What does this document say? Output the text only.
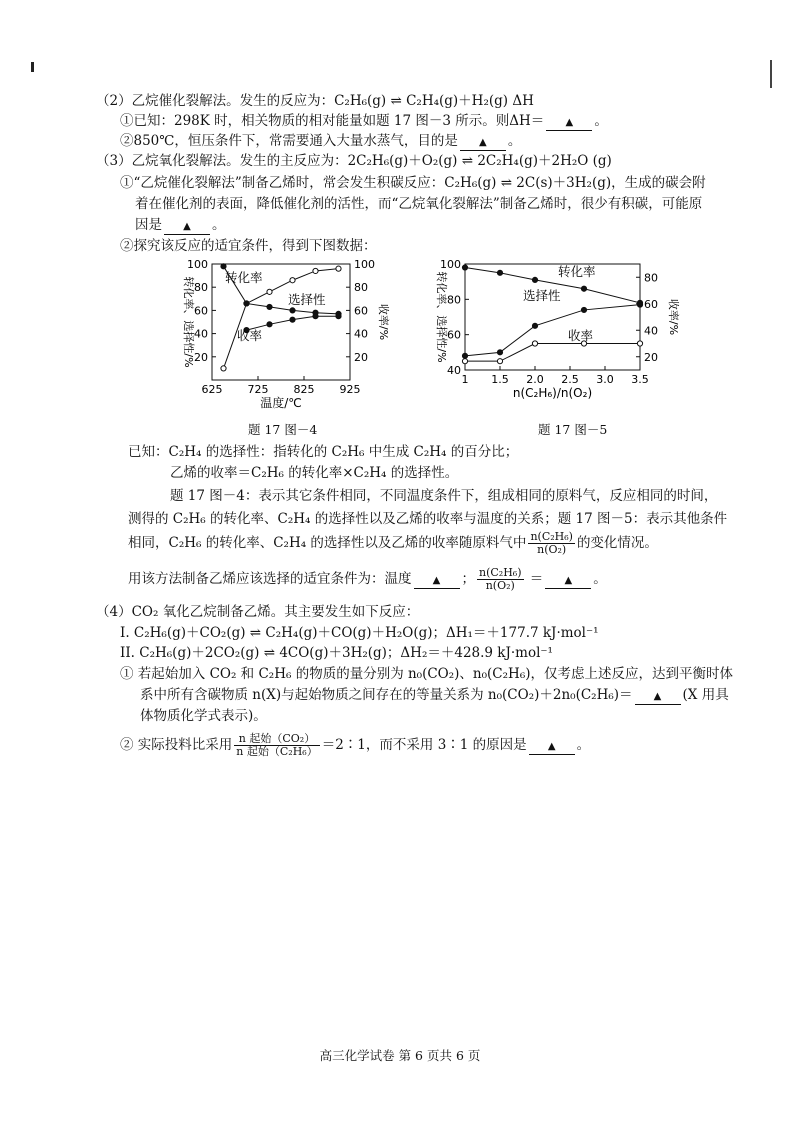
（2）乙烷催化裂解法。发生的反应为：C₂H₆(g) ⇌ C₂H₄(g)＋H₂(g) ΔH
①已知：298K 时，相关物质的相对能量如题 17 图－3 所示。则ΔH＝ ▲ 。
②850℃，恒压条件下，常需要通入大量水蒸气，目的是 ▲ 。
（3）乙烷氧化裂解法。发生的主反应为：2C₂H₆(g)＋O₂(g) ⇌ 2C₂H₄(g)＋2H₂O (g)
①“乙烷催化裂解法”制备乙烯时，常会发生积碳反应：C₂H₆(g) ⇌ 2C(s)＋3H₂(g)，生成的碳会附
着在催化剂的表面，降低催化剂的活性，而“乙烷氧化裂解法”制备乙烯时，很少有积碳，可能原
因是 ▲ 。
②探究该反应的适宜条件，得到下图数据：
625 725 825 925
20
40
60
80
100
20
40
60
80
100
转化率
选择性
收率
转化率、选择性/%	收率/%
温度/℃
题 17 图－4
1 1.5 2.0 2.5 3.0 3.5
40
60
80
100
20
40
60
80
转化率
选择性
收率
转化率、选择性/%	收率/%
n(C₂H₆)/n(O₂)
题 17 图－5
已知：C₂H₄ 的选择性：指转化的 C₂H₆ 中生成 C₂H₄ 的百分比；
乙烯的收率＝C₂H₆ 的转化率×C₂H₄ 的选择性。
题 17 图－4：表示其它条件相同，不同温度条件下，组成相同的原料气，反应相同的时间，
测得的 C₂H₆ 的转化率、C₂H₄ 的选择性以及乙烯的收率与温度的关系；题 17 图－5：表示其他条件
相同，C₂H₆ 的转化率、C₂H₄ 的选择性以及乙烯的收率随原料气中 $\frac{\text{n(C₂H₆)}}{\text{n(O₂)}}$ 的变化情况。
用该方法制备乙烯应该选择的适宜条件为：温度 ▲ ； $\frac{\text{n(C₂H₆)}}{\text{n(O₂)}}$ ＝ ▲ 。
（4）CO₂ 氧化乙烷制备乙烯。其主要发生如下反应：
I. C₂H₆(g)＋CO₂(g) ⇌ C₂H₄(g)＋CO(g)＋H₂O(g)；ΔH₁＝＋177.7 kJ·mol⁻¹
II. C₂H₆(g)＋2CO₂(g) ⇌ 4CO(g)＋3H₂(g)；ΔH₂＝＋428.9 kJ·mol⁻¹
① 若起始加入 CO₂ 和 C₂H₆ 的物质的量分别为 n₀(CO₂)、n₀(C₂H₆)，仅考虑上述反应，达到平衡时体
系中所有含碳物质 n(X)与起始物质之间存在的等量关系为 n₀(CO₂)＋2n₀(C₂H₆)＝ ▲ (X 用具
体物质化学式表示)。
② 实际投料比采用 $\frac{\text{n 起始（CO₂）}}{\text{n 起始（C₂H₆）}}$ ＝2∶1，而不采用 3∶1 的原因是 ▲ 。
高三化学试卷 第 6 页共 6 页
